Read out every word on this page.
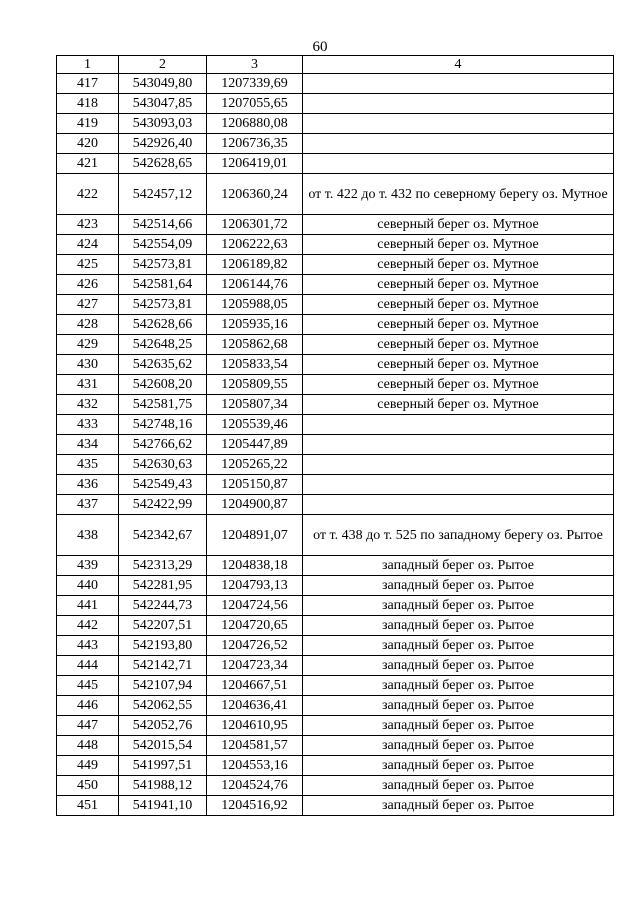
60
1	2	3	4
417	543049,80	1207339,69	
418	543047,85	1207055,65	
419	543093,03	1206880,08	
420	542926,40	1206736,35	
421	542628,65	1206419,01	
422	542457,12	1206360,24	от т. 422 до т. 432 по северному берегу оз. Мутное
423	542514,66	1206301,72	северный берег оз. Мутное
424	542554,09	1206222,63	северный берег оз. Мутное
425	542573,81	1206189,82	северный берег оз. Мутное
426	542581,64	1206144,76	северный берег оз. Мутное
427	542573,81	1205988,05	северный берег оз. Мутное
428	542628,66	1205935,16	северный берег оз. Мутное
429	542648,25	1205862,68	северный берег оз. Мутное
430	542635,62	1205833,54	северный берег оз. Мутное
431	542608,20	1205809,55	северный берег оз. Мутное
432	542581,75	1205807,34	северный берег оз. Мутное
433	542748,16	1205539,46	
434	542766,62	1205447,89	
435	542630,63	1205265,22	
436	542549,43	1205150,87	
437	542422,99	1204900,87	
438	542342,67	1204891,07	от т. 438 до т. 525 по западному берегу оз. Рытое
439	542313,29	1204838,18	западный берег оз. Рытое
440	542281,95	1204793,13	западный берег оз. Рытое
441	542244,73	1204724,56	западный берег оз. Рытое
442	542207,51	1204720,65	западный берег оз. Рытое
443	542193,80	1204726,52	западный берег оз. Рытое
444	542142,71	1204723,34	западный берег оз. Рытое
445	542107,94	1204667,51	западный берег оз. Рытое
446	542062,55	1204636,41	западный берег оз. Рытое
447	542052,76	1204610,95	западный берег оз. Рытое
448	542015,54	1204581,57	западный берег оз. Рытое
449	541997,51	1204553,16	западный берег оз. Рытое
450	541988,12	1204524,76	западный берег оз. Рытое
451	541941,10	1204516,92	западный берег оз. Рытое
